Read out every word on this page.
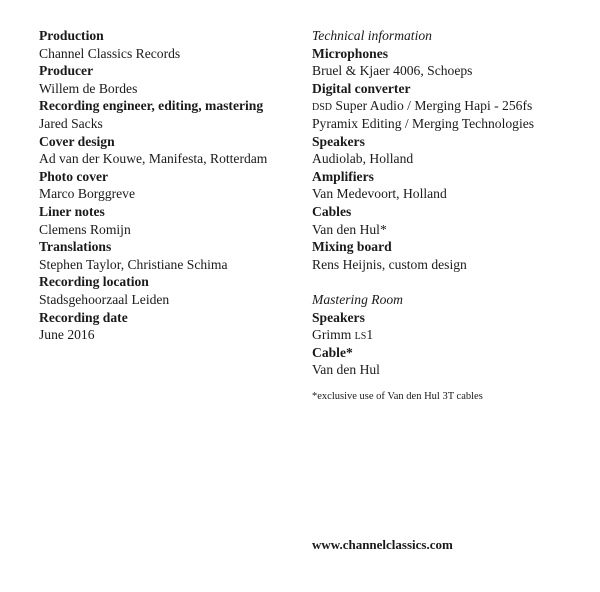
Production
Channel Classics Records
Producer
Willem de Bordes
Recording engineer, editing, mastering
Jared Sacks
Cover design
Ad van der Kouwe, Manifesta, Rotterdam
Photo cover
Marco Borggreve
Liner notes
Clemens Romijn
Translations
Stephen Taylor, Christiane Schima
Recording location
Stadsgehoorzaal Leiden
Recording date
June 2016
Technical information
Microphones
Bruel & Kjaer 4006, Schoeps
Digital converter
dsd Super Audio / Merging Hapi - 256fs
Pyramix Editing / Merging Technologies
Speakers
Audiolab, Holland
Amplifiers
Van Medevoort, Holland
Cables
Van den Hul*
Mixing board
Rens Heijnis, custom design
Mastering Room
Speakers
Grimm ls1
Cable*
Van den Hul
*exclusive use of Van den Hul 3T cables
www.channelclassics.com
